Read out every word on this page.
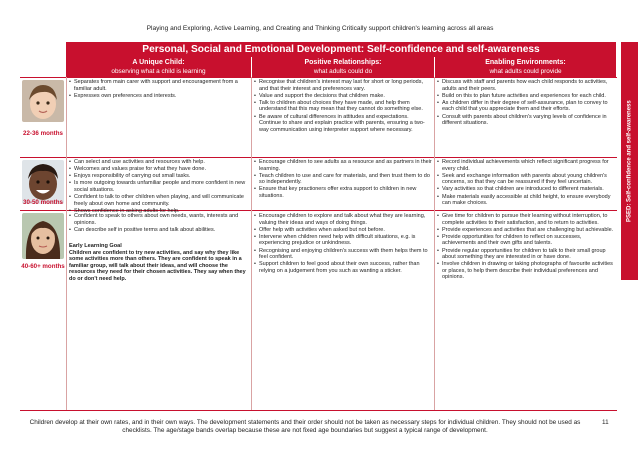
Playing and Exploring, Active Learning, and Creating and Thinking Critically support children's learning across all areas
Personal, Social and Emotional Development: Self-confidence and self-awareness
PSED: Self-confidence and self-awareness
A Unique Child:
observing what a child is learning
Positive Relationships:
what adults could do
Enabling Environments:
what adults could provide
22-36 months
• Separates from main carer with support and encouragement from a familiar adult.
• Expresses own preferences and interests.
• Recognise that children's interest may last for short or long periods, and that their interest and preferences vary.
• Value and support the decisions that children make.
• Talk to children about choices they have made, and help them understand that this may mean that they cannot do something else.
• Be aware of cultural differences in attitudes and expectations. Continue to share and explain practice with parents, ensuring a two-way communication using interpreter support where necessary.
• Discuss with staff and parents how each child responds to activities, adults and their peers.
• Build on this to plan future activities and experiences for each child.
• As children differ in their degree of self-assurance, plan to convey to each child that you appreciate them and their efforts.
• Consult with parents about children's varying levels of confidence in different situations.
30-50 months
• Can select and use activities and resources with help.
• Welcomes and values praise for what they have done.
• Enjoys responsibility of carrying out small tasks.
• Is more outgoing towards unfamiliar people and more confident in new social situations.
• Confident to talk to other children when playing, and will communicate freely about own home and community.
• Shows confidence in asking adults for help.
• Encourage children to see adults as a resource and as partners in their learning.
• Teach children to use and care for materials, and then trust them to do so independently.
• Ensure that key practioners offer extra support to children in new situations.
• Record individual achievements which reflect significant progress for every child.
• Seek and exchange information with parents about young children's concerns, so that they can be reassured if they feel uncertain.
• Vary activities so that children are introduced to different materials.
• Make materials easily accessible at child height, to ensure everybody can make choices.
40-60+ months
• Confident to speak to others about own needs, wants, interests and opinions.
• Can describe self in positive terms and talk about abilities.
Early Learning Goal
Children are confident to try new activities, and say why they like some activities more than others. They are confident to speak in a familiar group, will talk about their ideas, and will choose the resources they need for their chosen activities. They say when they do or don't need help.
• Encourage children to explore and talk about what they are learning, valuing their ideas and ways of doing things.
• Offer help with activities when asked but not before.
• Intervene when children need help with difficult situations, e.g. is experiencing prejudice or unkindness.
• Recognising and enjoying children's success with them helps them to feel confident.
• Support children to feel good about their own success, rather than relying on a judgement from you such as wanting a sticker.
• Give time for children to pursue their learning without interruption, to complete activities to their satisfaction, and to return to activities.
• Provide experiences and activities that are challenging but achievable.
• Provide opportunities for children to reflect on successes, achievements and their own gifts and talents.
• Provide regular opportunities for children to talk to their small group about something they are interested in or have done.
• Involve children in drawing or taking photographs of favourite activities or places, to help them describe their individual preferences and opinions.
Children develop at their own rates, and in their own ways. The development statements and their order should not be taken as necessary steps for individual children. They should not be used as checklists. The age/stage bands overlap because these are not fixed age boundaries but suggest a typical range of development.
11
